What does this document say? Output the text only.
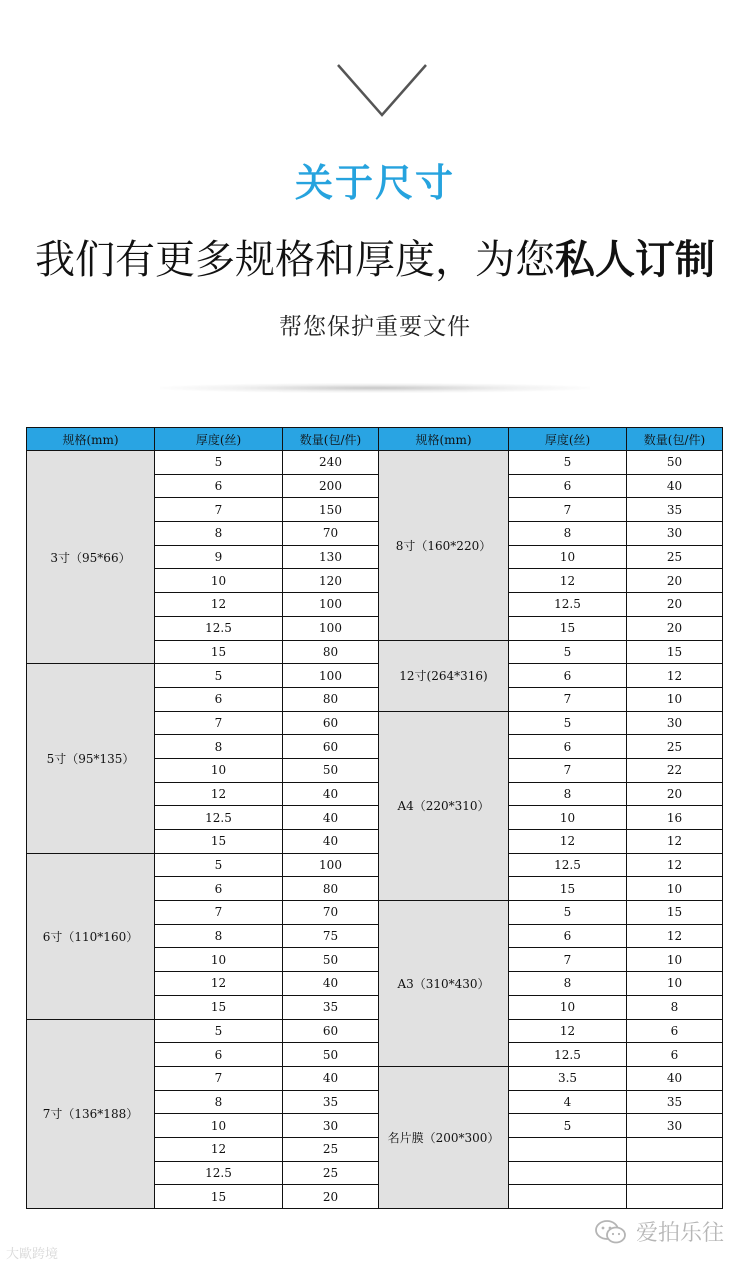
关于尺寸
我们有更多规格和厚度，为您私人订制
帮您保护重要文件
规格(mm)	厚度(丝)	数量(包/件)	规格(mm)	厚度(丝)	数量(包/件)
3寸（95*66）	5	240	8寸（160*220）	5	50
	6	200		6	40
	7	150		7	35
	8	70		8	30
	9	130		10	25
	10	120		12	20
	12	100		12.5	20
	12.5	100		15	20
	15	80	12寸(264*316)	5	15
5寸（95*135）	5	100		6	12
	6	80		7	10
	7	60	A4（220*310）	5	30
	8	60		6	25
	10	50		7	22
	12	40		8	20
	12.5	40		10	16
	15	40		12	12
6寸（110*160）	5	100		12.5	12
	6	80		15	10
	7	70	A3（310*430）	5	15
	8	75		6	12
	10	50		7	10
	12	40		8	10
	15	35		10	8
7寸（136*188）	5	60		12	6
	6	50		12.5	6
	7	40	名片膜（200*300）	3.5	40
	8	35		4	35
	10	30		5	30
	12	25			
	12.5	25			
	15	20			
大歐跨境
爱拍乐往
